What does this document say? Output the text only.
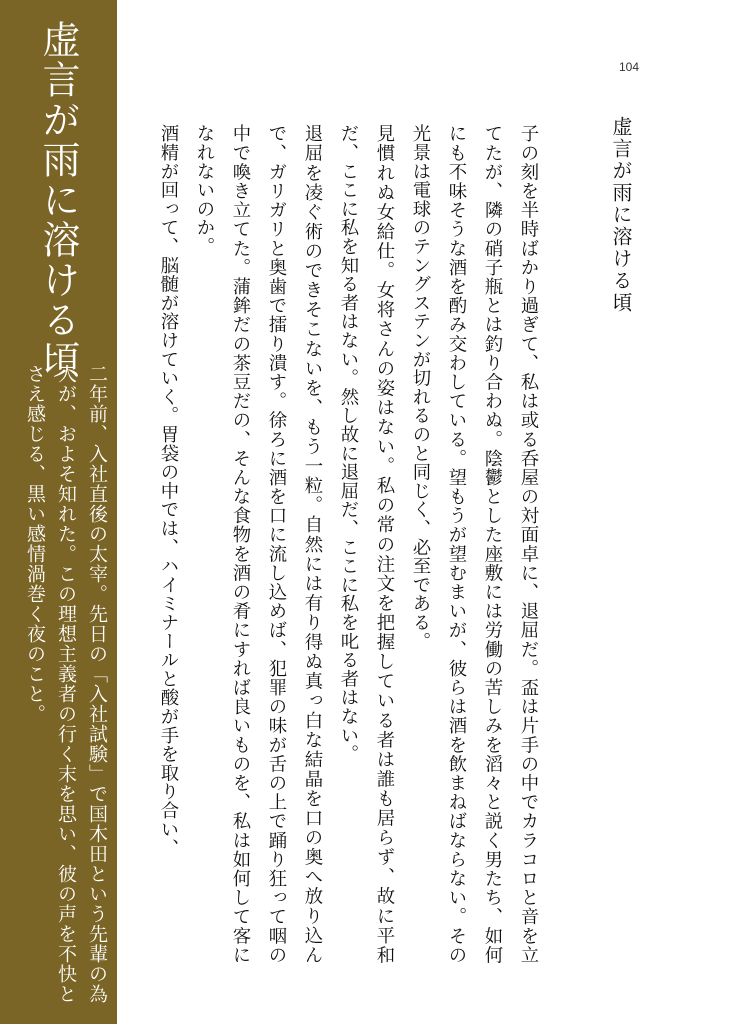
虚言が雨に溶ける頃
二年前、入社直後の太宰。先日の「入社試験」で国木田という先輩の為人が、およそ知れた。この理想主義者の行く末を思い、彼の声を不快とさえ感じる、黒い感情渦巻く夜のこと。
104
虚言が雨に溶ける頃

子の刻を半時ばかり過ぎて、私は或る呑屋の対面卓に、退屈だ。盃は片手の中でカラコロと音を立てたが、隣の硝子瓶とは釣り合わぬ。陰鬱とした座敷には労働の苦しみを滔々と説く男たち、如何にも不味そうな酒を酌み交わしている。望もうが望むまいが、彼らは酒を飲まねばならない。その光景は電球のテングステンが切れるのと同じく、必至である。

見慣れぬ女給仕。女将さんの姿はない。私の常の注文を把握している者は誰も居らず、故に平和だ、ここに私を知る者はない。然し故に退屈だ、ここに私を叱る者はない。

退屈を凌ぐ術のできそこないを、もう一粒。自然には有り得ぬ真っ白な結晶を口の奥へ放り込んで、ガリガリと奥歯で擂り潰す。徐ろに酒を口に流し込めば、犯罪の味が舌の上で踊り狂って咽の中で喚き立てた。蒲鉾だの茶豆だの、そんな食物を酒の肴にすれば良いものを、私は如何して客になれないのか。

酒精が回って、脳髄が溶けていく。胃袋の中では、ハイミナールと酸が手を取り合い、
